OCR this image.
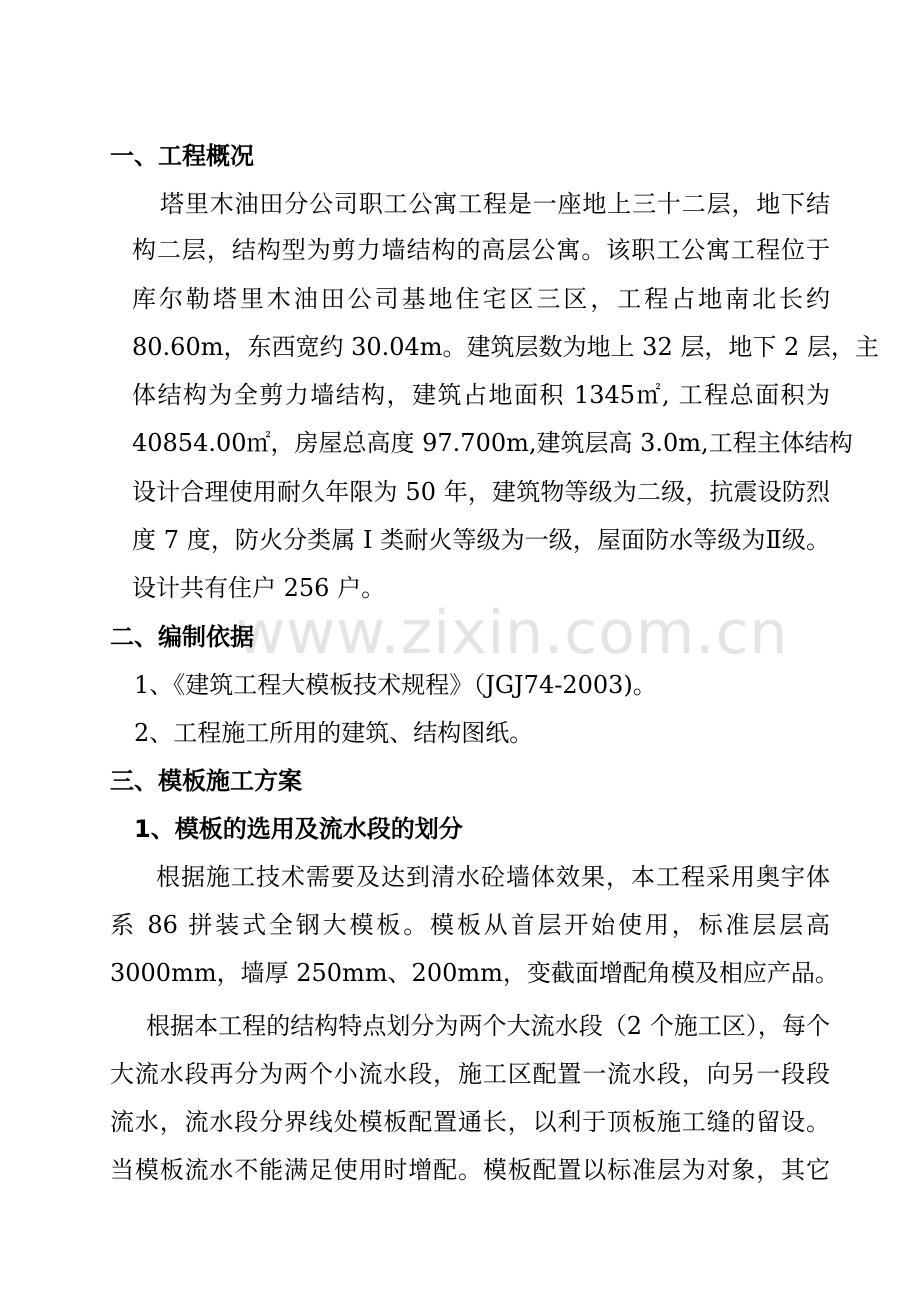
www.zixin.com.cn
一、工程概况
塔里木油田分公司职工公寓工程是一座地上三十二层，地下结
构二层，结构型为剪力墙结构的高层公寓。该职工公寓工程位于
库尔勒塔里木油田公司基地住宅区三区，工程占地南北长约
80.60m，东西宽约 30.04m。建筑层数为地上 32 层，地下 2 层，主
体结构为全剪力墙结构，建筑占地面积 1345㎡, 工程总面积为
40854.00㎡，房屋总高度 97.700m,建筑层高 3.0m,工程主体结构
设计合理使用耐久年限为 50 年，建筑物等级为二级，抗震设防烈
度 7 度，防火分类属 I 类耐火等级为一级，屋面防水等级为Ⅱ级。
设计共有住户 256 户。
二、编制依据
1、《建筑工程大模板技术规程》（JGJ74-2003)。
2、工程施工所用的建筑、结构图纸。
三、模板施工方案
1、模板的选用及流水段的划分
根据施工技术需要及达到清水砼墙体效果，本工程采用奥宇体
系 86 拼装式全钢大模板。模板从首层开始使用，标准层层高
3000mm，墙厚 250mm、200mm，变截面增配角模及相应产品。
根据本工程的结构特点划分为两个大流水段（2 个施工区），每个
大流水段再分为两个小流水段，施工区配置一流水段，向另一段段
流水，流水段分界线处模板配置通长，以利于顶板施工缝的留设。
当模板流水不能满足使用时增配。模板配置以标准层为对象，其它
